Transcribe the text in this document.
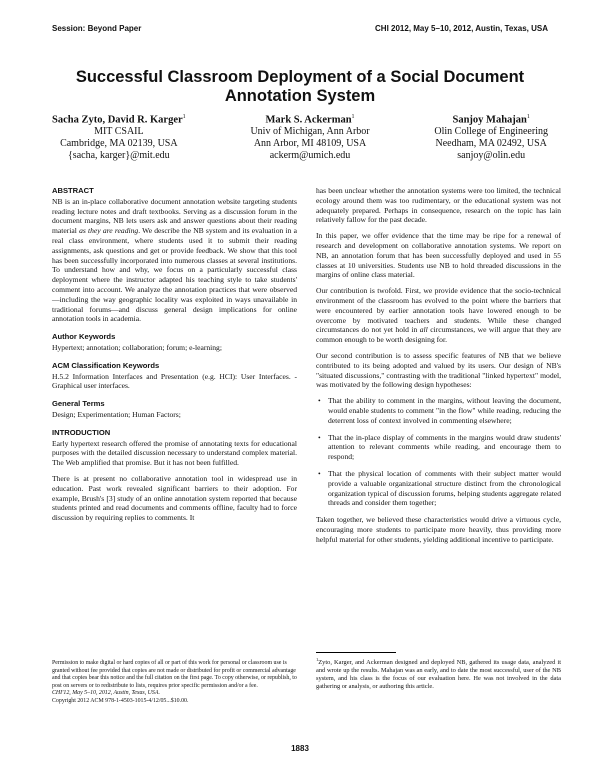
Session: Beyond Paper	CHI 2012, May 5–10, 2012, Austin, Texas, USA
Successful Classroom Deployment of a Social Document Annotation System
Sacha Zyto, David R. Karger$^1$
MIT CSAIL
Cambridge, MA 02139, USA
{sacha, karger}@mit.edu
Mark S. Ackerman$^1$
Univ of Michigan, Ann Arbor
Ann Arbor, MI 48109, USA
ackerm@umich.edu
Sanjoy Mahajan$^1$
Olin College of Engineering
Needham, MA 02492, USA
sanjoy@olin.edu
ABSTRACT

NB is an in-place collaborative document annotation website targeting students reading lecture notes and draft textbooks. Serving as a discussion forum in the document margins, NB lets users ask and answer questions about their reading material as they are reading. We describe the NB system and its evaluation in a real class environment, where students used it to submit their reading assignments, ask questions and get or provide feedback. We show that this tool has been successfully incorporated into numerous classes at several institutions. To understand how and why, we focus on a particularly successful class deployment where the instructor adapted his teaching style to take students' comment into account. We analyze the annotation practices that were observed—including the way geographic locality was exploited in ways unavailable in traditional forums—and discuss general design implications for online annotation tools in academia.

Author Keywords

Hypertext; annotation; collaboration; forum; e-learning;

ACM Classification Keywords

H.5.2 Information Interfaces and Presentation (e.g. HCI): User Interfaces. - Graphical user interfaces.

General Terms

Design; Experimentation; Human Factors;

INTRODUCTION

Early hypertext research offered the promise of annotating texts for educational purposes with the detailed discussion necessary to understand complex material. The Web amplified that promise. But it has not been fulfilled.

There is at present no collaborative annotation tool in widespread use in education. Past work revealed significant barriers to their adoption. For example, Brush's [3] study of an online annotation system reported that because students printed and read documents and comments offline, faculty had to force discussion by requiring replies to comments. It

Permission to make digital or hard copies of all or part of this work for personal or classroom use is granted without fee provided that copies are not made or distributed for profit or commercial advantage and that copies bear this notice and the full citation on the first page. To copy otherwise, or republish, to post on servers or to redistribute to lists, requires prior specific permission and/or a fee.
CHI'12, May 5–10, 2012, Austin, Texas, USA.
Copyright 2012 ACM 978-1-4503-1015-4/12/05...$10.00.

has been unclear whether the annotation systems were too limited, the technical ecology around them was too rudimentary, or the educational system was not adequately prepared. Perhaps in consequence, research on the topic has lain relatively fallow for the past decade.

In this paper, we offer evidence that the time may be ripe for a renewal of research and development on collaborative annotation systems. We report on NB, an annotation forum that has been successfully deployed and used in 55 classes at 10 universities. Students use NB to hold threaded discussions in the margins of online class material.

Our contribution is twofold. First, we provide evidence that the socio-technical environment of the classroom has evolved to the point where the barriers that were encountered by earlier annotation tools have lowered enough to be overcome by motivated teachers and students. While these changed circumstances do not yet hold in all circumstances, we will argue that they are common enough to be worth designing for.

Our second contribution is to assess specific features of NB that we believe contributed to its being adopted and valued by its users. Our design of NB's "situated discussions," contrasting with the traditional "linked hypertext" model, was motivated by the following design hypotheses:

• That the ability to comment in the margins, without leaving the document, would enable students to comment "in the flow" while reading, reducing the deterrent loss of context involved in commenting elsewhere;
• That the in-place display of comments in the margins would draw students' attention to relevant comments while reading, and encourage them to respond;
• That the physical location of comments with their subject matter would provide a valuable organizational structure distinct from the chronological organization typical of discussion forums, helping students aggregate related threads and consider them together;

Taken together, we believed these characteristics would drive a virtuous cycle, encouraging more students to participate more heavily, thus providing more helpful material for other students, yielding additional incentive to participate.

$^1$Zyto, Karger, and Ackerman designed and deployed NB, gathered its usage data, analyzed it and wrote up the results. Mahajan was an early, and to date the most successful, user of the NB system, and his class is the focus of our evaluation here. He was not involved in the data gathering or analysis, or authoring this article.
1883
